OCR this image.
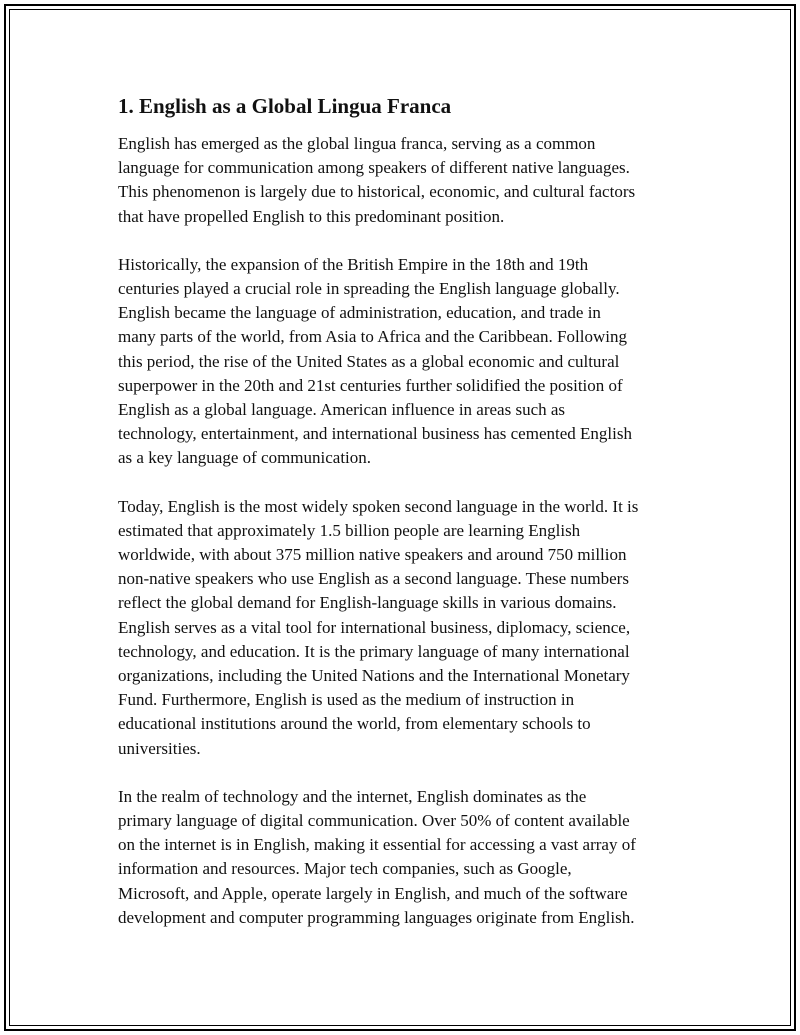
1. English as a Global Lingua Franca

English has emerged as the global lingua franca, serving as a common
language for communication among speakers of different native languages.
This phenomenon is largely due to historical, economic, and cultural factors
that have propelled English to this predominant position.

Historically, the expansion of the British Empire in the 18th and 19th
centuries played a crucial role in spreading the English language globally.
English became the language of administration, education, and trade in
many parts of the world, from Asia to Africa and the Caribbean. Following
this period, the rise of the United States as a global economic and cultural
superpower in the 20th and 21st centuries further solidified the position of
English as a global language. American influence in areas such as
technology, entertainment, and international business has cemented English
as a key language of communication.

Today, English is the most widely spoken second language in the world. It is
estimated that approximately 1.5 billion people are learning English
worldwide, with about 375 million native speakers and around 750 million
non-native speakers who use English as a second language. These numbers
reflect the global demand for English-language skills in various domains.
English serves as a vital tool for international business, diplomacy, science,
technology, and education. It is the primary language of many international
organizations, including the United Nations and the International Monetary
Fund. Furthermore, English is used as the medium of instruction in
educational institutions around the world, from elementary schools to
universities.

In the realm of technology and the internet, English dominates as the
primary language of digital communication. Over 50% of content available
on the internet is in English, making it essential for accessing a vast array of
information and resources. Major tech companies, such as Google,
Microsoft, and Apple, operate largely in English, and much of the software
development and computer programming languages originate from English.
